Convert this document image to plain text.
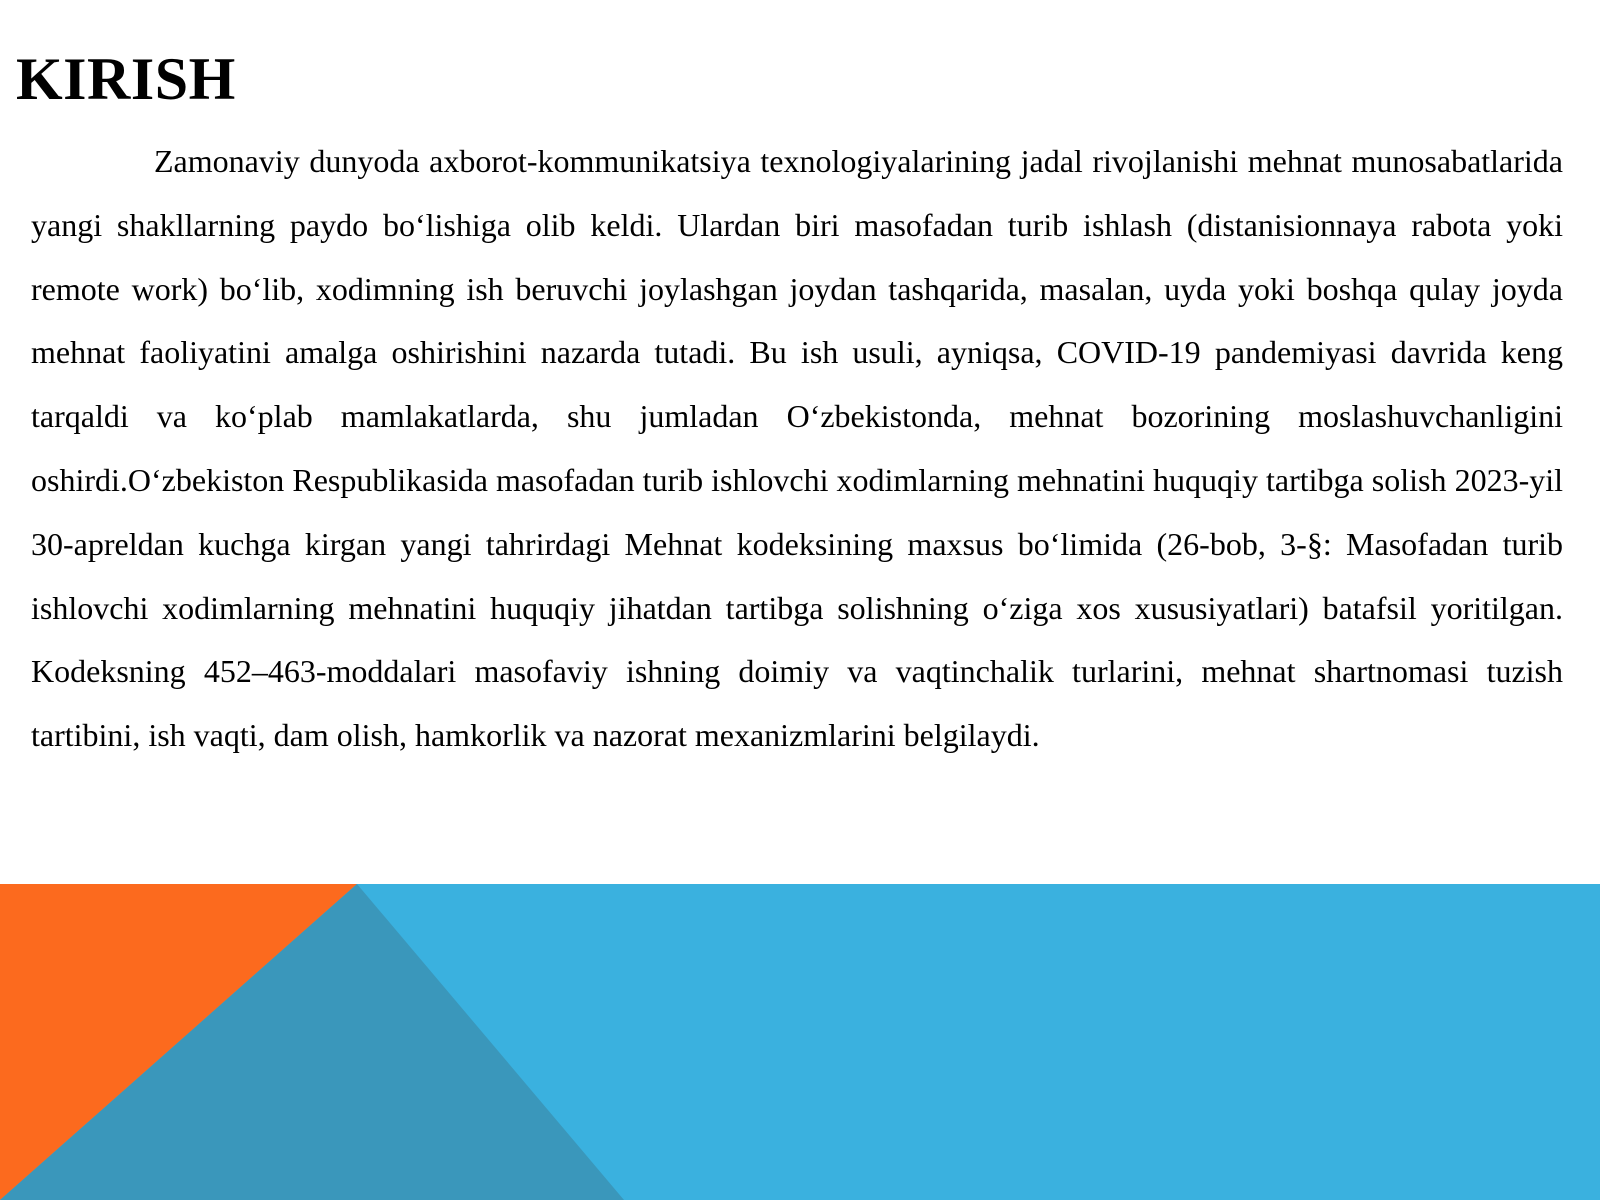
KIRISH

Zamonaviy dunyoda axborot-kommunikatsiya texnologiyalarining jadal rivojlanishi mehnat munosabatlarida yangi shakllarning paydo bo‘lishiga olib keldi. Ulardan biri masofadan turib ishlash (distanisionnaya rabota yoki remote work) bo‘lib, xodimning ish beruvchi joylashgan joydan tashqarida, masalan, uyda yoki boshqa qulay joyda mehnat faoliyatini amalga oshirishini nazarda tutadi. Bu ish usuli, ayniqsa, COVID-19 pandemiyasi davrida keng tarqaldi va ko‘plab mamlakatlarda, shu jumladan O‘zbekistonda, mehnat bozorining moslashuvchanligini oshirdi.O‘zbekiston Respublikasida masofadan turib ishlovchi xodimlarning mehnatini huquqiy tartibga solish 2023-yil 30-apreldan kuchga kirgan yangi tahrirdagi Mehnat kodeksining maxsus bo‘limida (26-bob, 3-§: Masofadan turib ishlovchi xodimlarning mehnatini huquqiy jihatdan tartibga solishning o‘ziga xos xususiyatlari) batafsil yoritilgan. Kodeksning 452–463-moddalari masofaviy ishning doimiy va vaqtinchalik turlarini, mehnat shartnomasi tuzish tartibini, ish vaqti, dam olish, hamkorlik va nazorat mexanizmlarini belgilaydi.
